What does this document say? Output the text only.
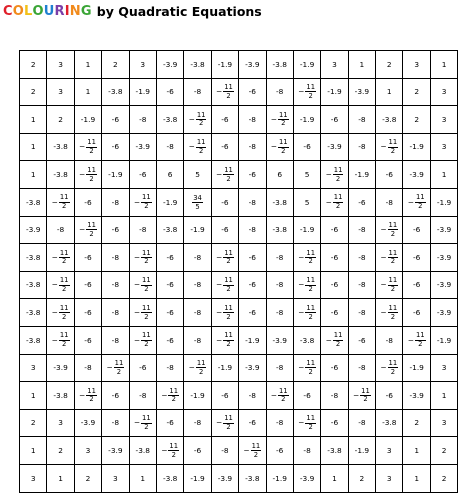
COLOURING by Quadratic Equations
2	3	1	2	3	-3.9	-3.8	-1.9	-3.9	-3.8	-1.9	3	1	2	3	1
2	3	1	-3.8	-1.9	-6	-8	− $\frac{11}{2}$	-6	-8	− $\frac{11}{2}$	-1.9	-3.9	1	2	3
1	2	-1.9	-6	-8	-3.8	− $\frac{11}{2}$	-6	-8	− $\frac{11}{2}$	-1.9	-6	-8	-3.8	2	3
1	-3.8	− $\frac{11}{2}$	-6	-3.9	-8	− $\frac{11}{2}$	-6	-8	− $\frac{11}{2}$	-6	-3.9	-8	− $\frac{11}{2}$	-1.9	3
1	-3.8	− $\frac{11}{2}$	-1.9	-6	6	5	− $\frac{11}{2}$	-6	6	5	− $\frac{11}{2}$	-1.9	-6	-3.9	1
-3.8	− $\frac{11}{2}$	-6	-8	− $\frac{11}{2}$	-1.9	$\frac{34}{5}$	-6	-8	-3.8	5	− $\frac{11}{2}$	-6	-8	− $\frac{11}{2}$	-1.9
-3.9	-8	− $\frac{11}{2}$	-6	-8	-3.8	-1.9	-6	-8	-3.8	-1.9	-6	-8	− $\frac{11}{2}$	-6	-3.9
-3.8	− $\frac{11}{2}$	-6	-8	− $\frac{11}{2}$	-6	-8	− $\frac{11}{2}$	-6	-8	− $\frac{11}{2}$	-6	-8	− $\frac{11}{2}$	-6	-3.9
-3.8	− $\frac{11}{2}$	-6	-8	− $\frac{11}{2}$	-6	-8	− $\frac{11}{2}$	-6	-8	− $\frac{11}{2}$	-6	-8	− $\frac{11}{2}$	-6	-3.9
-3.8	− $\frac{11}{2}$	-6	-8	− $\frac{11}{2}$	-6	-8	− $\frac{11}{2}$	-6	-8	− $\frac{11}{2}$	-6	-8	− $\frac{11}{2}$	-6	-3.9
-3.8	− $\frac{11}{2}$	-6	-8	− $\frac{11}{2}$	-6	-8	− $\frac{11}{2}$	-1.9	-3.9	-3.8	− $\frac{11}{2}$	-6	-8	− $\frac{11}{2}$	-1.9
3	-3.9	-8	− $\frac{11}{2}$	-6	-8	− $\frac{11}{2}$	-1.9	-3.9	-8	− $\frac{11}{2}$	-6	-8	− $\frac{11}{2}$	-1.9	3
1	-3.8	− $\frac{11}{2}$	-6	-8	− $\frac{11}{2}$	-1.9	-6	-8	− $\frac{11}{2}$	-6	-8	− $\frac{11}{2}$	-6	-3.9	1
2	3	-3.9	-8	− $\frac{11}{2}$	-6	-8	− $\frac{11}{2}$	-6	-8	− $\frac{11}{2}$	-6	-8	-3.8	2	3
1	2	3	-3.9	-3.8	− $\frac{11}{2}$	-6	-8	− $\frac{11}{2}$	-6	-8	-3.8	-1.9	3	1	2
3	1	2	3	1	-3.8	-1.9	-3.9	-3.8	-1.9	-3.9	1	2	3	1	2
